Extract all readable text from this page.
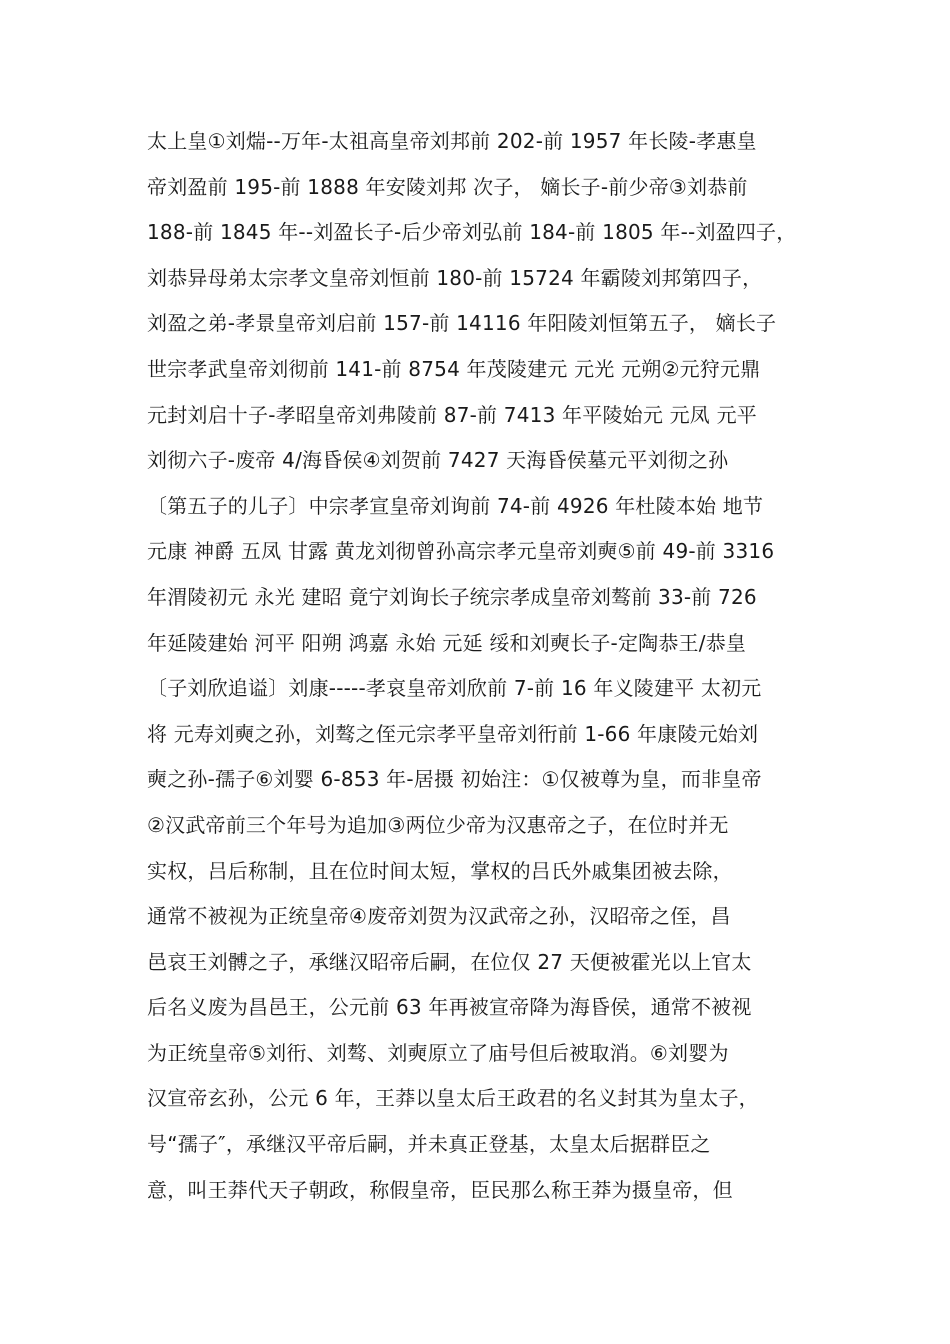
太上皇①刘煓--万年-太祖高皇帝刘邦前 202-前 1957 年长陵-孝惠皇
帝刘盈前 195-前 1888 年安陵刘邦 次子， 嫡长子-前少帝③刘恭前
188-前 1845 年--刘盈长子-后少帝刘弘前 184-前 1805 年--刘盈四子，
刘恭异母弟太宗孝文皇帝刘恒前 180-前 15724 年霸陵刘邦第四子，
刘盈之弟-孝景皇帝刘启前 157-前 14116 年阳陵刘恒第五子， 嫡长子
世宗孝武皇帝刘彻前 141-前 8754 年茂陵建元 元光 元朔②元狩元鼎
元封刘启十子-孝昭皇帝刘弗陵前 87-前 7413 年平陵始元 元凤 元平
刘彻六子-废帝 4/海昏侯④刘贺前 7427 天海昏侯墓元平刘彻之孙
〔第五子的儿子〕中宗孝宣皇帝刘询前 74-前 4926 年杜陵本始 地节
元康 神爵 五凤 甘露 黄龙刘彻曾孙高宗孝元皇帝刘奭⑤前 49-前 3316
年渭陵初元 永光 建昭 竟宁刘询长子统宗孝成皇帝刘骜前 33-前 726
年延陵建始 河平 阳朔 鸿嘉 永始 元延 绥和刘奭长子-定陶恭王/恭皇
〔子刘欣追谥〕刘康-----孝哀皇帝刘欣前 7-前 16 年义陵建平 太初元
将 元寿刘奭之孙，刘骜之侄元宗孝平皇帝刘衎前 1-66 年康陵元始刘
奭之孙-孺子⑥刘婴 6-853 年-居摄 初始注：①仅被尊为皇，而非皇帝
②汉武帝前三个年号为追加③两位少帝为汉惠帝之子，在位时并无
实权，吕后称制，且在位时间太短，掌权的吕氏外戚集团被去除，
通常不被视为正统皇帝④废帝刘贺为汉武帝之孙，汉昭帝之侄，昌
邑哀王刘髆之子，承继汉昭帝后嗣，在位仅 27 天便被霍光以上官太
后名义废为昌邑王，公元前 63 年再被宣帝降为海昏侯，通常不被视
为正统皇帝⑤刘衎、刘骜、刘奭原立了庙号但后被取消。⑥刘婴为
汉宣帝玄孙，公元 6 年，王莽以皇太后王政君的名义封其为皇太子，
号“孺子″，承继汉平帝后嗣，并未真正登基，太皇太后据群臣之
意，叫王莽代天子朝政，称假皇帝，臣民那么称王莽为摄皇帝，但
